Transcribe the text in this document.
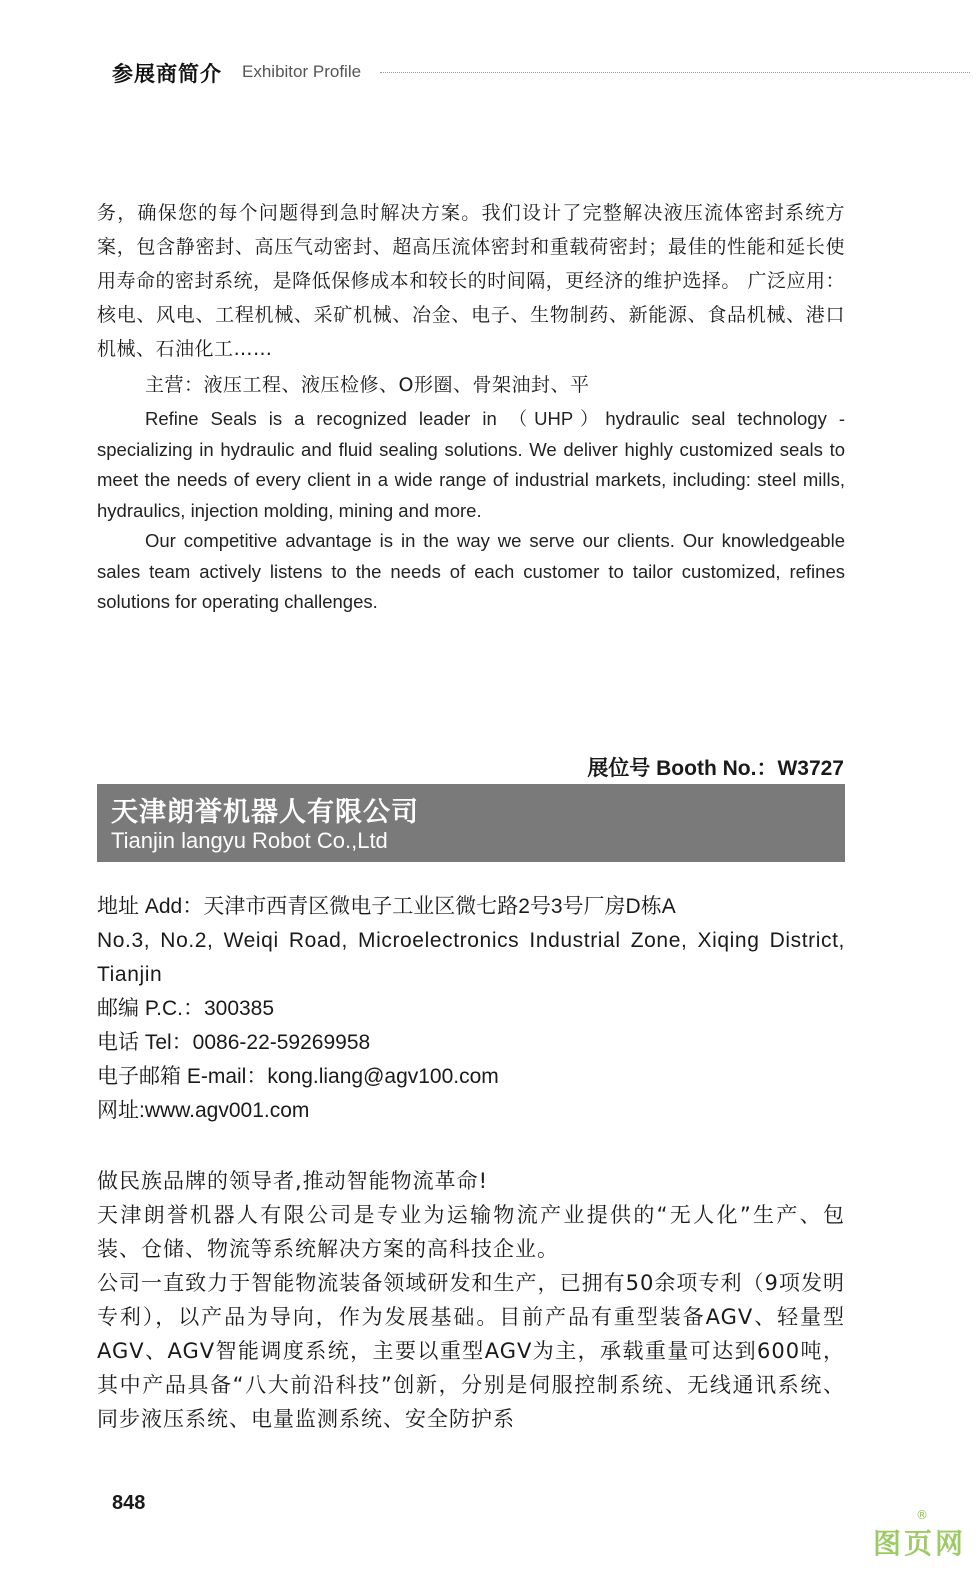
参展商简介 Exhibitor Profile

务，确保您的每个问题得到急时解决方案。我们设计了完整解决液压流体密封系统方案，包含静密封、高压气动密封、超高压流体密封和重载荷密封；最佳的性能和延长使用寿命的密封系统，是降低保修成本和较长的时间隔，更经济的维护选择。 广泛应用：核电、风电、工程机械、采矿机械、冶金、电子、生物制药、新能源、食品机械、港口机械、石油化工……

主营：液压工程、液压检修、O形圈、骨架油封、平

Refine Seals is a recognized leader in （UHP）hydraulic seal technology - specializing in hydraulic and fluid sealing solutions. We deliver highly customized seals to meet the needs of every client in a wide range of industrial markets, including: steel mills, hydraulics, injection molding, mining and more.

Our competitive advantage is in the way we serve our clients. Our knowledgeable sales team actively listens to the needs of each customer to tailor customized, refines solutions for operating challenges.

展位号 Booth No.：W3727
天津朗誉机器人有限公司
Tianjin langyu Robot Co.,Ltd
地址 Add：天津市西青区微电子工业区微七路2号3号厂房D栋A
No.3, No.2, Weiqi Road, Microelectronics Industrial Zone, Xiqing District, Tianjin
邮编 P.C.：300385
电话 Tel：0086-22-59269958
电子邮箱 E-mail：kong.liang@agv100.com
网址:www.agv001.com
做民族品牌的领导者,推动智能物流革命!
天津朗誉机器人有限公司是专业为运输物流产业提供的“无人化”生产、包装、仓储、物流等系统解决方案的高科技企业。
公司一直致力于智能物流装备领域研发和生产，已拥有50余项专利（9项发明专利），以产品为导向，作为发展基础。目前产品有重型装备AGV、轻量型AGV、AGV智能调度系统，主要以重型AGV为主，承载重量可达到600吨，其中产品具备“八大前沿科技”创新，分别是伺服控制系统、无线通讯系统、同步液压系统、电量监测系统、安全防护系
848
®
图页网
